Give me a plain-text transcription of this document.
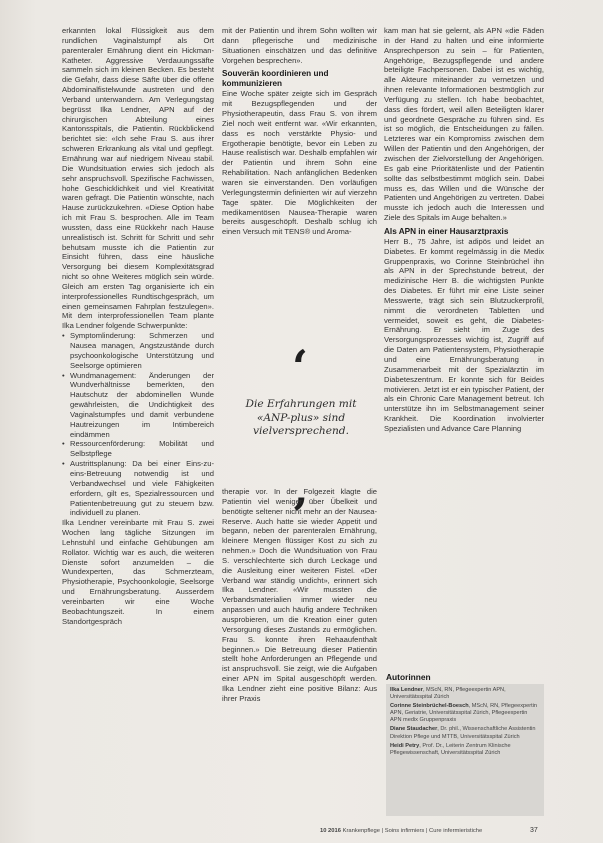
erkannten lokal Flüssigkeit aus dem rundlichen Vaginalstumpf als Ort parenteraler Ernährung dient ein Hickman-Katheter. Aggressive Verdauungssäfte sammeln sich im kleinen Becken. Es besteht die Gefahr, dass diese Säfte über die offene Abdominalfistelwunde austreten und den Verband unterwandern. Am Verlegungstag begrüsst Ilka Lendner, APN auf der chirurgischen Abteilung eines Kantonsspitals, die Patientin. Rückblickend berichtet sie: «Ich sehe Frau S. aus ihrer schweren Erkrankung als vital und gepflegt. Ernährung war auf niedrigem Niveau stabil. Die Wundsituation erwies sich jedoch als sehr anspruchsvoll. Spezifische Fachwissen, hohe Geschicklichkeit und viel Kreativität waren gefragt. Die Patientin wünschte, nach Hause zurückzukehren. «Diese Option habe ich mit Frau S. besprochen. Alle im Team wussten, dass eine Rückkehr nach Hause unrealistisch ist. Schritt für Schritt und sehr behutsam musste ich die Patientin zur Einsicht führen, dass eine häusliche Versorgung bei diesem Komplexitätsgrad nicht so ohne Weiteres möglich sein würde. Gleich am ersten Tag organisierte ich ein interprofessionelles Rundtischgespräch, um einen gemeinsamen Fahrplan festzulegen». Mit dem interprofessionellen Team plante Ilka Lendner folgende Schwerpunkte:

• Symptomlinderung: Schmerzen und Nausea managen, Angstzustände durch psychoonkologische Unterstützung und Seelsorge optimieren
• Wundmanagement: Änderungen der Wundverhältnisse bemerkten, den Hautschutz der abdominellen Wunde gewährleisten, die Undichtigkeit des Vaginalstumpfes und damit verbundene Hautreizungen im Intimbereich eindämmen
• Ressourcenförderung: Mobilität und Selbstpflege
• Austrittsplanung: Da bei einer Eins-zu-eins-Betreuung notwendig ist und Verbandwechsel und viele Fähigkeiten erfordern, gilt es, Spezialressourcen und Patientenbetreuung gut zu steuern bzw. individuell zu planen.

Ilka Lendner vereinbarte mit Frau S. zwei Wochen lang tägliche Sitzungen im Lehnstuhl und einfache Gehübungen am Rollator. Wichtig war es auch, die weiteren Dienste sofort anzumelden – die Wundexperten, das Schmerzteam, Physiotherapie, Psychoonkologie, Seelsorge und Ernährungsberatung. Ausserdem vereinbarten wir eine Woche Beobachtungszeit. In einem Standortgespräch

mit der Patientin und ihrem Sohn wollten wir dann pflegerische und medizinische Situationen einschätzen und das definitive Vorgehen besprechen».

Souverän koordinieren und kommunizieren

Eine Woche später zeigte sich im Gespräch mit Bezugspflegenden und der Physiotherapeutin, dass Frau S. von ihrem Ziel noch weit entfernt war. «Wir erkannten, dass es noch verstärkte Physio- und Ergotherapie benötigte, bevor ein Leben zu Hause realistisch war. Deshalb empfahlen wir der Patientin und ihrem Sohn eine Rehabilitation. Nach anfänglichen Bedenken waren sie einverstanden. Den vorläufigen Verlegungstermin definierten wir auf vierzehn Tage später. Die Möglichkeiten der medikamentösen Nausea-Therapie waren bereits ausgeschöpft. Deshalb schlug ich einen Versuch mit TENS® und Aroma-

‘
Die Erfahrungen mit «ANP-plus» sind vielversprechend.
’

therapie vor. In der Folgezeit klagte die Patientin viel weniger über Übelkeit und benötigte seltener nicht mehr an der Nausea-Reserve. Auch hatte sie wieder Appetit und begann, neben der parenteralen Ernährung, kleinere Mengen flüssiger Kost zu sich zu nehmen.» Doch die Wundsituation von Frau S. verschlechterte sich durch Leckage und die Ausleitung einer weiteren Fistel. «Der Verband war ständig undicht», erinnert sich Ilka Lendner. «Wir mussten die Verbandsmaterialien immer wieder neu anpassen und auch häufig andere Techniken ausprobieren, um die Kreation einer guten Versorgung dieses Zustands zu ermöglichen. Frau S. konnte ihren Rehaaufenthalt beginnen.» Die Betreuung dieser Patientin stellt hohe Anforderungen an Pflegende und ist anspruchsvoll. Sie zeigt, wie die Aufgaben einer APN im Spital ausgeschöpft werden. Ilka Lendner zieht eine positive Bilanz: Aus ihrer Praxis

kam man hat sie gelernt, als APN «die Fäden in der Hand zu halten und eine informierte Ansprechperson zu sein – für Patienten, Angehörige, Bezugspflegende und andere beteiligte Fachpersonen. Dabei ist es wichtig, alle Akteure miteinander zu vernetzen und ihnen relevante Informationen bestmöglich zur Verfügung zu stellen. Ich habe beobachtet, dass dies fördert, weil allen Beteiligten klarer und geordnete Gespräche zu führen sind. Es ist so möglich, die Entscheidungen zu fällen. Letzteres war ein Kompromiss zwischen dem Willen der Patientin und den Angehörigen, der zwischen der Zielvorstellung der Angehörigen. Es gab eine Prioritätenliste und der Patientin sollte das selbstbestimmt möglich sein. Dabei muss es, das Willen und die Wünsche der Patienten und Angehörigen zu vertreten. Dabei musste ich jedoch auch die Interessen und Ziele des Spitals im Auge behalten.»

Als APN in einer Hausarztpraxis

Herr B., 75 Jahre, ist adipös und leidet an Diabetes. Er kommt regelmässig in die Medix Gruppenpraxis, wo Corinne Steinbrüchel ihn als APN in der Sprechstunde betreut, der medizinische Herr B. die wichtigsten Punkte des Diabetes. Er führt mir eine Liste seiner Messwerte, trägt sich sein Blutzuckerprofil, nimmt die verordneten Tabletten und vermeidet, soweit es geht, die Diabetes-Ernährung. Er sieht im Zuge des Versorgungsprozesses wichtig ist, Zugriff auf die Daten am Patientensystem, Physiotherapie und eine Ernährungsberatung in Zusammenarbeit mit der Spezialärztin im Diabeteszentrum. Er konnte sich für Beides motivieren. Jetzt ist er ein typischer Patient, der als ein Chronic Care Management betreut. Ich unterstütze ihn im Selbstmanagement seiner Krankheit. Die Koordination involvierter Spezialisten und Advance Care Planning

Autorinnen
Ilka Lendner, MScN, RN, Pflegeexpertin APN, Universitätsspital Zürich
Corinne Steinbrüchel-Boesch, MScN, RN, Pflegeexpertin APN, Geriatrie, Universitätsspital Zürich, Pflegeexpertin APN medix Gruppenpraxis
Diane Staudacher, Dr. phil., Wissenschaftliche Assistentin Direktion Pflege und MTTB, Universitätsspital Zürich
Heidi Petry, Prof. Dr., Leiterin Zentrum Klinische Pflegewissenschaft, Universitätsspital Zürich
10 2016 Krankenpflege | Soins infirmiers | Cure infermieristiche	37
